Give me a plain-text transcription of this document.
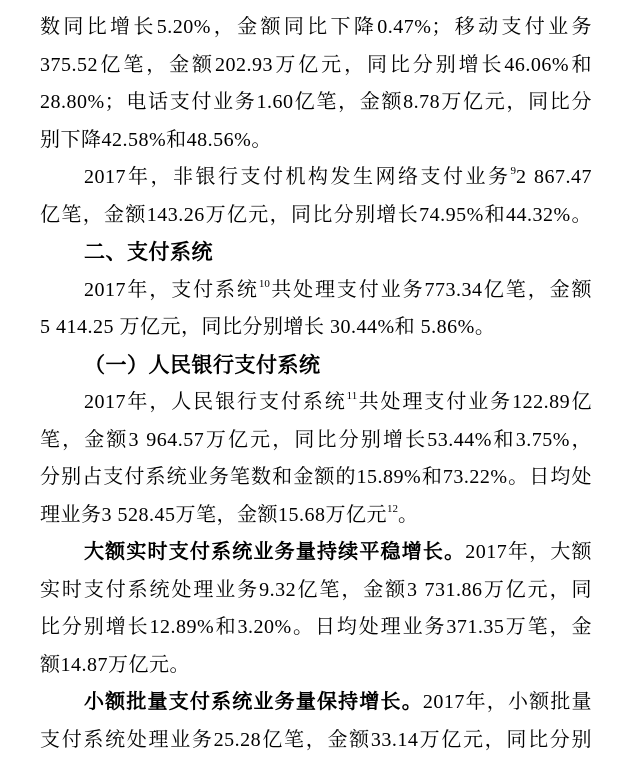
数同比增长5.20%，金额同比下降0.47%；移动支付业务
375.52亿笔，金额202.93万亿元，同比分别增长46.06%和
28.80%；电话支付业务1.60亿笔，金额8.78万亿元，同比分
别下降42.58%和48.56%。
2017年，非银行支付机构发生网络支付业务$^9$2 867.47
亿笔，金额143.26万亿元，同比分别增长74.95%和44.32%。
二、支付系统
2017年，支付系统$^{10}$共处理支付业务773.34亿笔，金额
5 414.25 万亿元，同比分别增长 30.44%和 5.86%。
（一）人民银行支付系统
2017年，人民银行支付系统$^{11}$共处理支付业务122.89亿
笔，金额3 964.57万亿元，同比分别增长53.44%和3.75%，
分别占支付系统业务笔数和金额的15.89%和73.22%。日均处
理业务3 528.45万笔，金额15.68万亿元$^{12}$。
大额实时支付系统业务量持续平稳增长。2017年，大额
实时支付系统处理业务9.32亿笔，金额3 731.86万亿元，同
比分别增长12.89%和3.20%。日均处理业务371.35万笔，金
额14.87万亿元。
小额批量支付系统业务量保持增长。2017年，小额批量
支付系统处理业务25.28亿笔，金额33.14万亿元，同比分别
